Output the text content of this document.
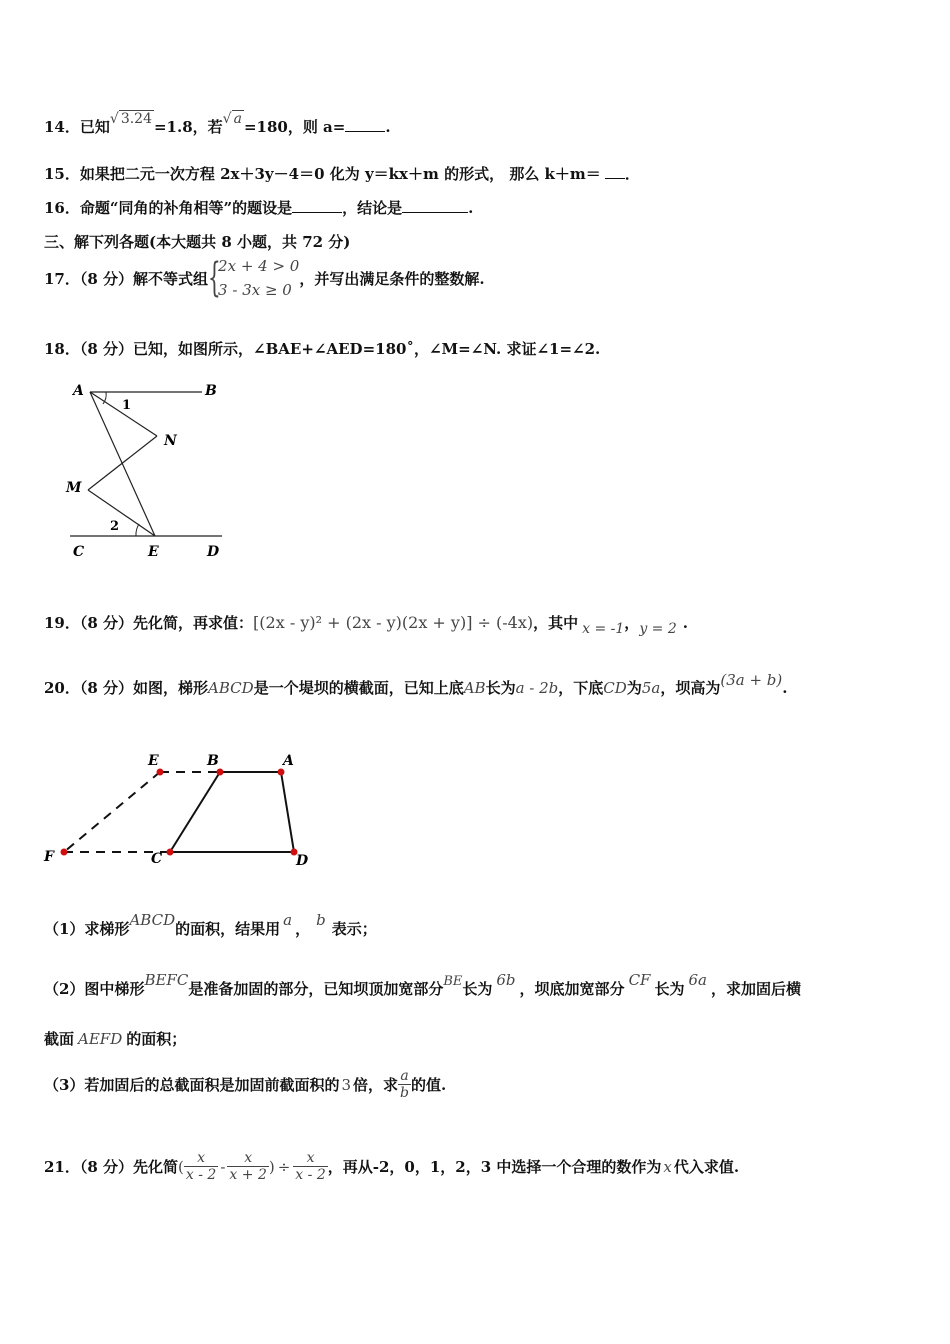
14．已知√ 3.24 =1.8，若√ a =180，则 a=	.
15．如果把二元一次方程 2x＋3y－4＝0 化为 y＝kx＋m 的形式， 那么 k＋m＝ ．
16．命题“同角的补角相等”的题设是	，结论是	.
三、解下列各题(本大题共 8 小题，共 72 分)
17．（8 分）解不等式组 {
2x + 4 > 0
3 - 3x ≥ 0
，并写出满足条件的整数解.
18．（8 分）已知，如图所示，∠BAE+∠AED=180˚，∠M=∠N. 求证∠1=∠2.
A	B
N
M
C	E	D
1
2
19．（8 分）先化简，再求值：[(2x - y)² + (2x - y)(2x + y)] ÷ (-4x)，其中 x = -1，y = 2 .
20．（8 分）如图，梯形ABCD是一个堤坝的横截面，已知上底AB长为a - 2b，下底CD为5a，坝高为(3a + b).
E	B	A
F	C	D
（1）求梯形ABCD的面积，结果用 a ， b 表示；
（2）图中梯形BEFC是准备加固的部分，已知坝顶加宽部分BE长为 6b ，坝底加宽部分 CF 长为 6a ，求加固后横
截面 AEFD 的面积；
（3）若加固后的总截面积是加固前截面积的 3 倍，求 $\frac{a}{b}$ 的值.
21．（8 分）先化简( $\frac{x}{x - 2} - \frac{x}{x + 2}$ ) ÷ $\frac{x}{x - 2}$ ，再从-2，0，1，2，3 中选择一个合理的数作为 x 代入求值.
